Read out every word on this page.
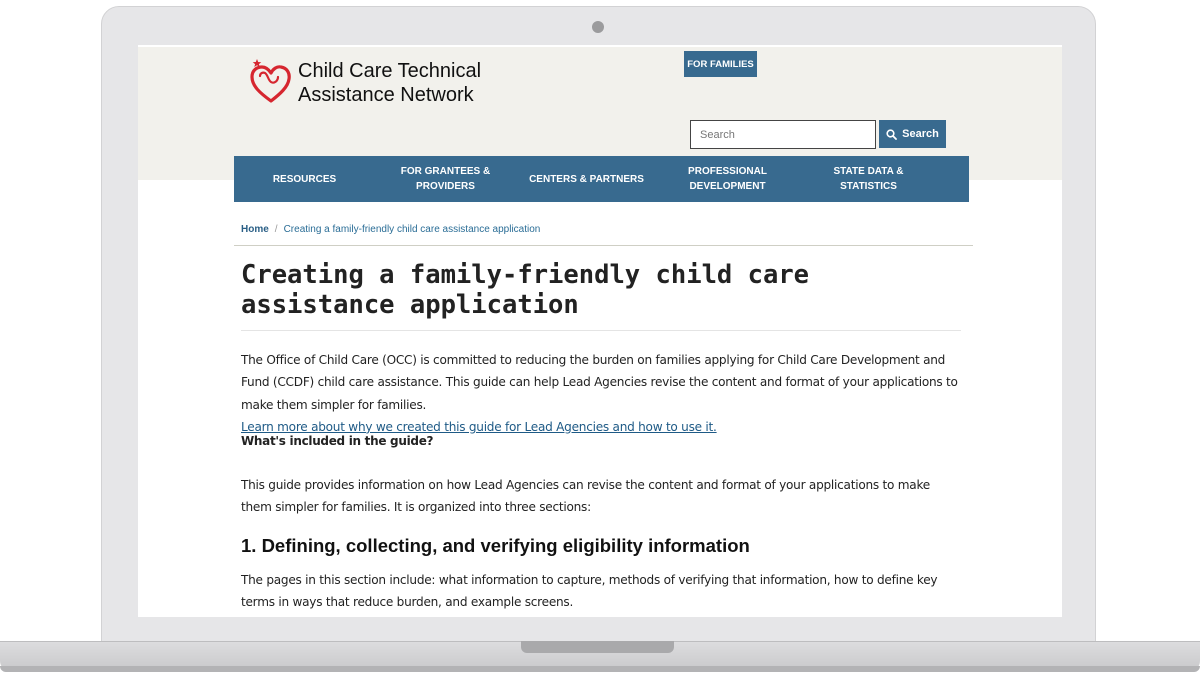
Child Care Technical
Assistance Network
FOR FAMILIES
Search
Search
RESOURCES
FOR GRANTEES & PROVIDERS
CENTERS & PARTNERS
PROFESSIONAL DEVELOPMENT
STATE DATA & STATISTICS
Home / Creating a family-friendly child care assistance application
Creating a family-friendly child care assistance application
The Office of Child Care (OCC) is committed to reducing the burden on families applying for Child Care Development and Fund (CCDF) child care assistance. This guide can help Lead Agencies revise the content and format of your applications to make them simpler for families.
Learn more about why we created this guide for Lead Agencies and how to use it.
What's included in the guide?
This guide provides information on how Lead Agencies can revise the content and format of your applications to make them simpler for families. It is organized into three sections:
1. Defining, collecting, and verifying eligibility information
The pages in this section include: what information to capture, methods of verifying that information, how to define key terms in ways that reduce burden, and example screens.
